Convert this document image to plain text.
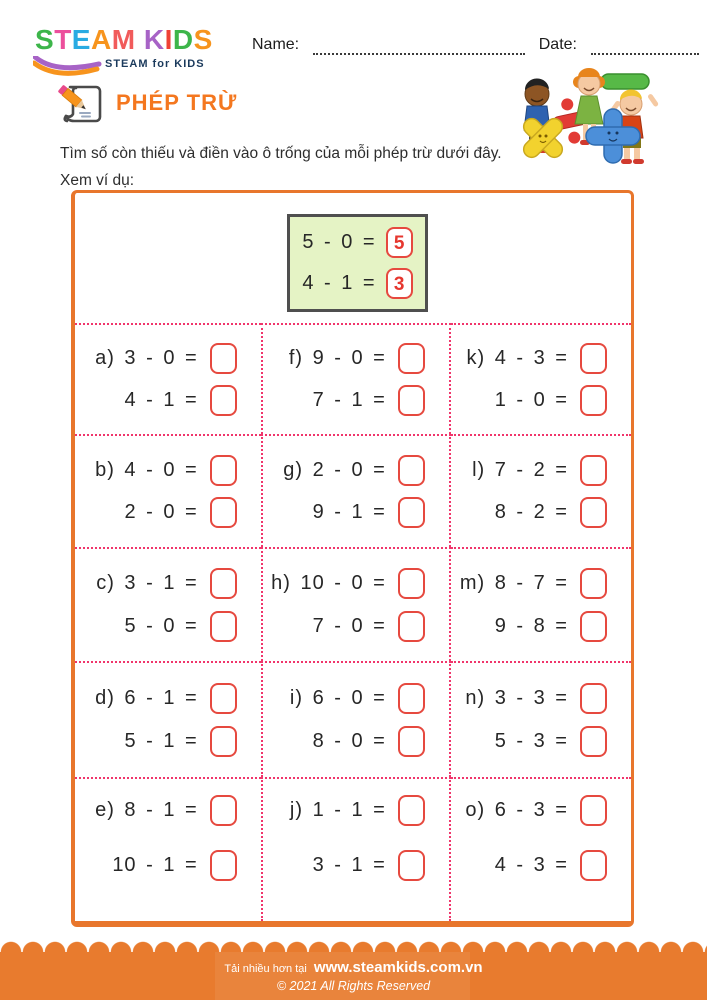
STEAM KIDS
STEAM for KIDS
Name:	Date:
PHÉP TRỪ
Tìm số còn thiếu và điền vào ô trống của mỗi phép trừ dưới đây. Xem ví dụ:
5 - 0 = 5
4 - 1 = 3
a) 3 - 0 =
4 - 1 =
f) 9 - 0 =
7 - 1 =
k) 4 - 3 =
1 - 0 =
b) 4 - 0 =
2 - 0 =
g) 2 - 0 =
9 - 1 =
l) 7 - 2 =
8 - 2 =
c) 3 - 1 =
5 - 0 =
h) 10 - 0 =
7 - 0 =
m) 8 - 7 =
9 - 8 =
d) 6 - 1 =
5 - 1 =
i) 6 - 0 =
8 - 0 =
n) 3 - 3 =
5 - 3 =
e) 8 - 1 =
10 - 1 =
j) 1 - 1 =
3 - 1 =
o) 6 - 3 =
4 - 3 =
Tải nhiều hơn tại www.steamkids.com.vn
© 2021 All Rights Reserved
